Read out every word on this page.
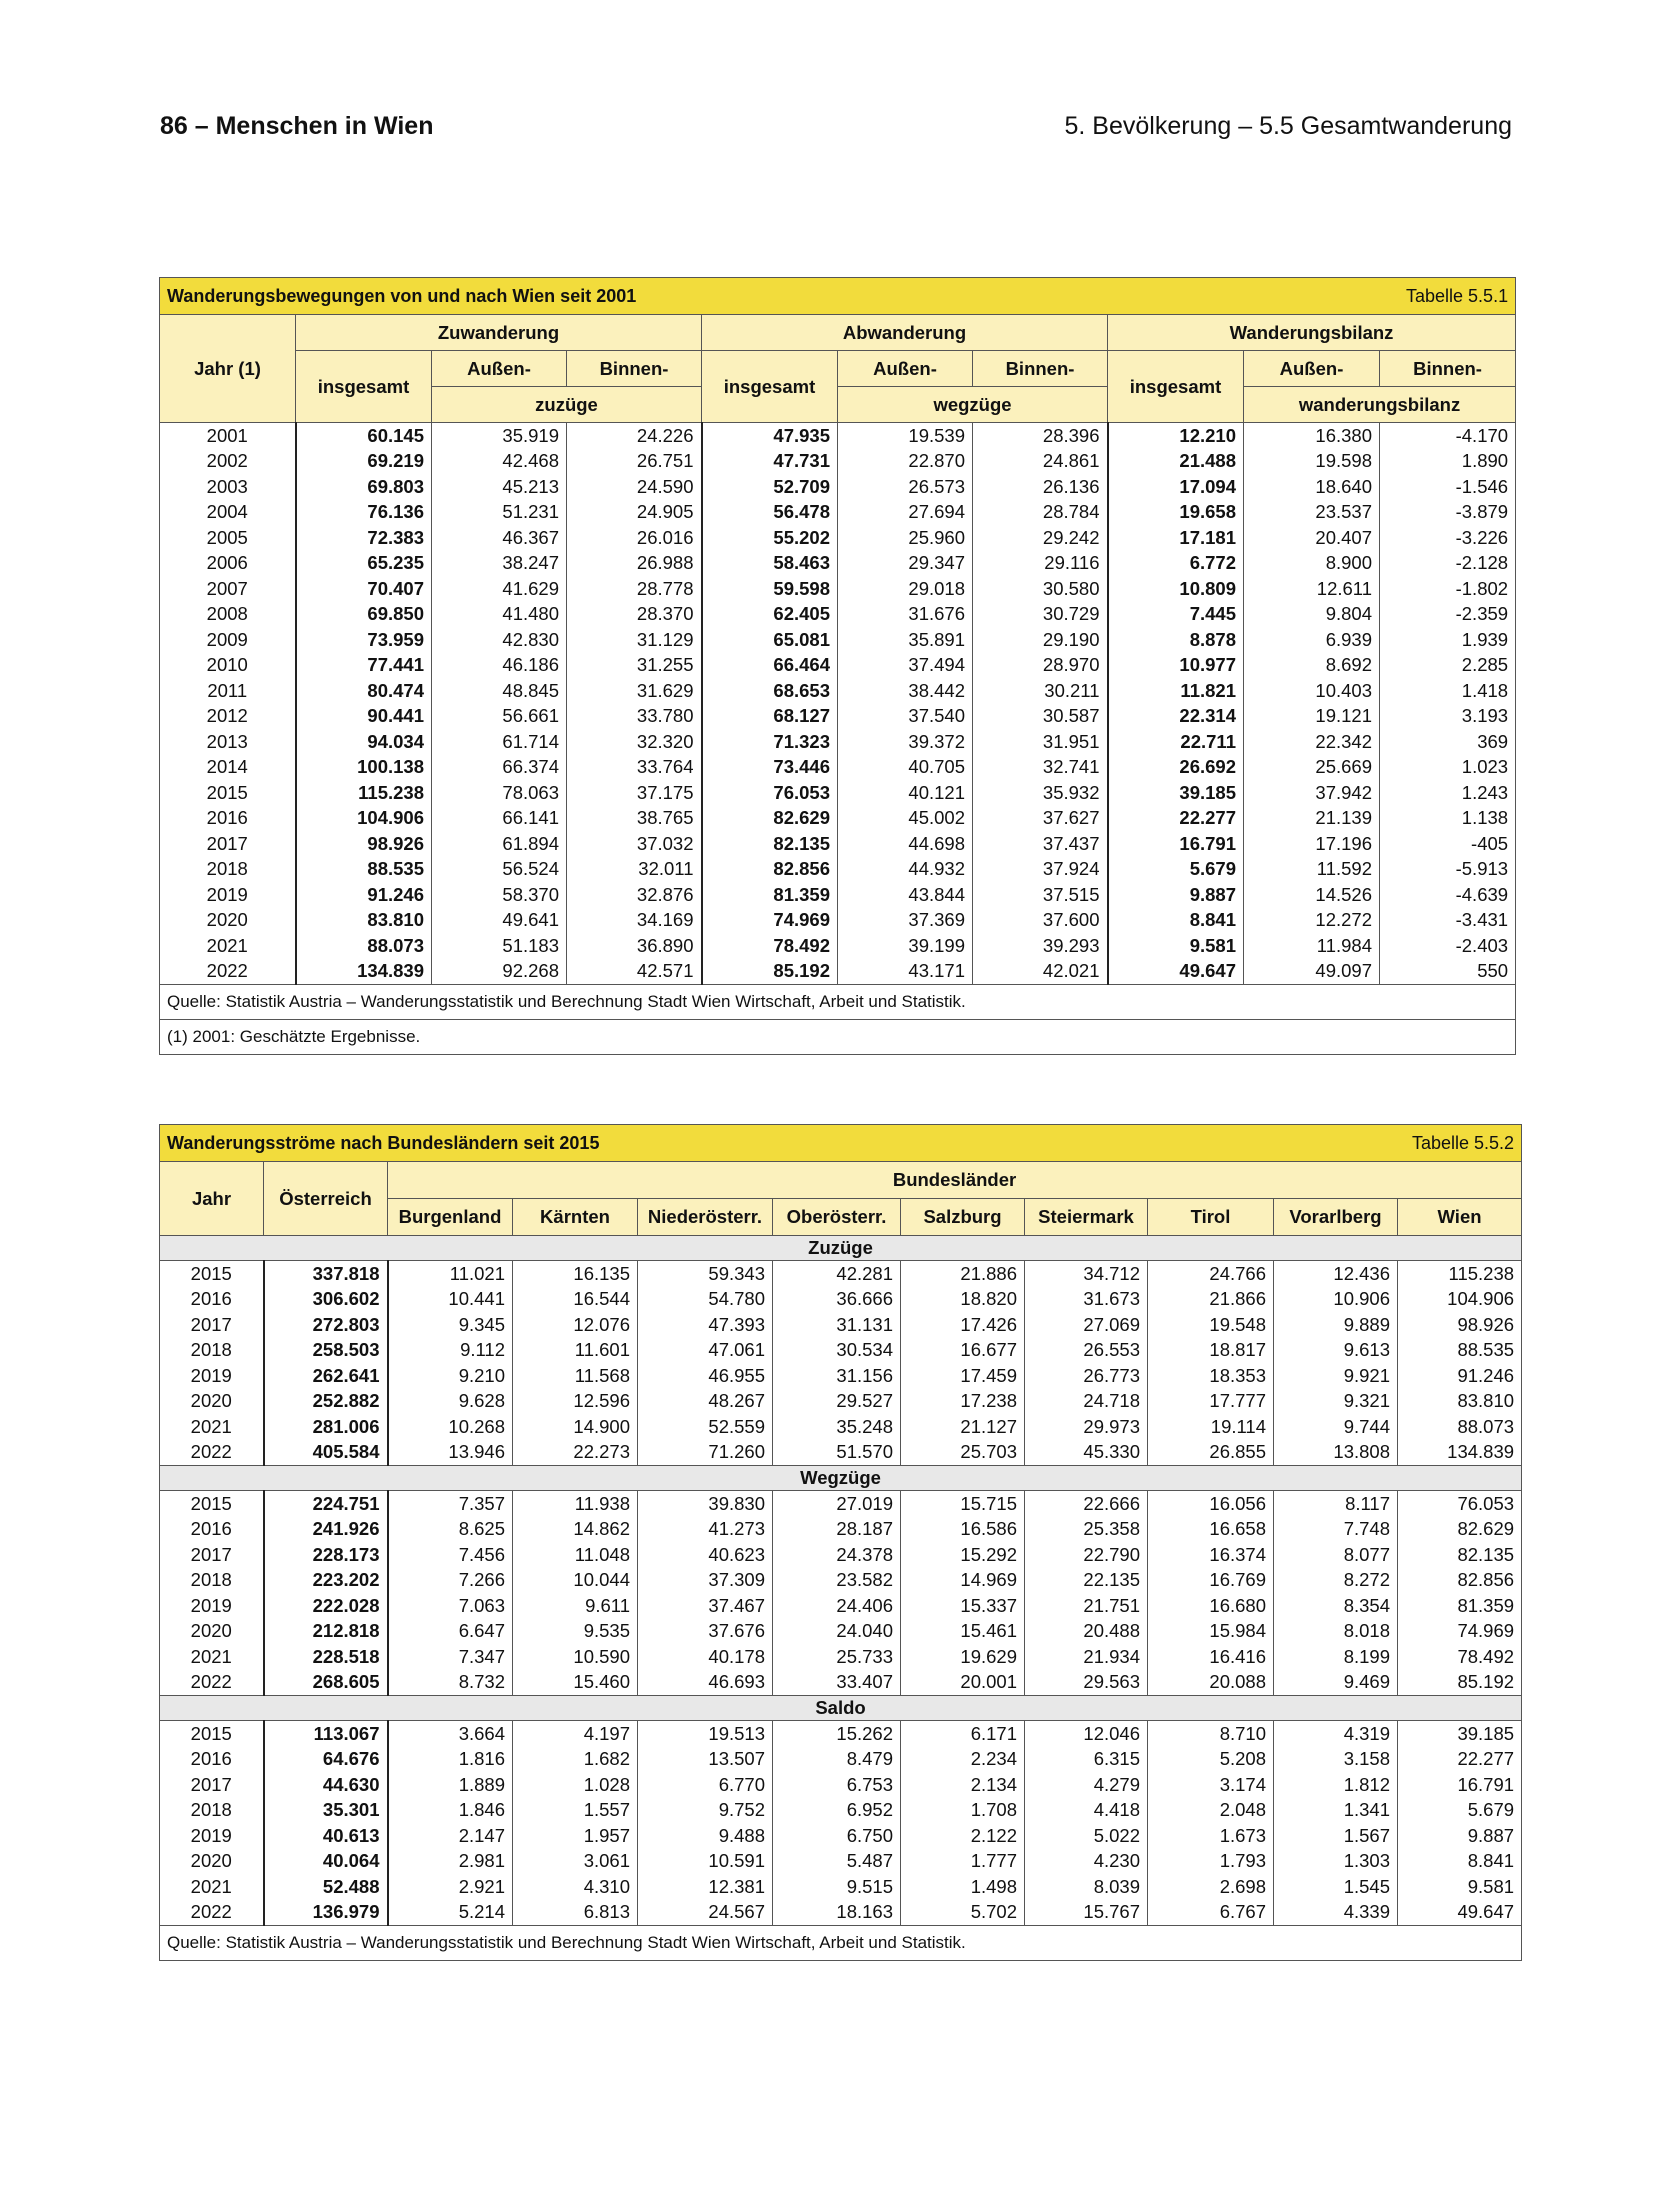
86 – Menschen in Wien	5. Bevölkerung – 5.5 Gesamtwanderung
Wanderungsbewegungen von und nach Wien seit 2001 Tabelle 5.5.1									

Jahr (1)	Zuwanderung			Abwanderung			Wanderungsbilanz		
	insgesamt	Außen-	Binnen-	insgesamt	Außen-	Binnen-	insgesamt	Außen-	Binnen-
		zuzüge			wegzüge			wanderungsbilanz	
2001	60.145	35.919	24.226	47.935	19.539	28.396	12.210	16.380	-4.170
2002	69.219	42.468	26.751	47.731	22.870	24.861	21.488	19.598	1.890
2003	69.803	45.213	24.590	52.709	26.573	26.136	17.094	18.640	-1.546
2004	76.136	51.231	24.905	56.478	27.694	28.784	19.658	23.537	-3.879
2005	72.383	46.367	26.016	55.202	25.960	29.242	17.181	20.407	-3.226
2006	65.235	38.247	26.988	58.463	29.347	29.116	6.772	8.900	-2.128
2007	70.407	41.629	28.778	59.598	29.018	30.580	10.809	12.611	-1.802
2008	69.850	41.480	28.370	62.405	31.676	30.729	7.445	9.804	-2.359
2009	73.959	42.830	31.129	65.081	35.891	29.190	8.878	6.939	1.939
2010	77.441	46.186	31.255	66.464	37.494	28.970	10.977	8.692	2.285
2011	80.474	48.845	31.629	68.653	38.442	30.211	11.821	10.403	1.418
2012	90.441	56.661	33.780	68.127	37.540	30.587	22.314	19.121	3.193
2013	94.034	61.714	32.320	71.323	39.372	31.951	22.711	22.342	369
2014	100.138	66.374	33.764	73.446	40.705	32.741	26.692	25.669	1.023
2015	115.238	78.063	37.175	76.053	40.121	35.932	39.185	37.942	1.243
2016	104.906	66.141	38.765	82.629	45.002	37.627	22.277	21.139	1.138
2017	98.926	61.894	37.032	82.135	44.698	37.437	16.791	17.196	-405
2018	88.535	56.524	32.011	82.856	44.932	37.924	5.679	11.592	-5.913
2019	91.246	58.370	32.876	81.359	43.844	37.515	9.887	14.526	-4.639
2020	83.810	49.641	34.169	74.969	37.369	37.600	8.841	12.272	-3.431
2021	88.073	51.183	36.890	78.492	39.199	39.293	9.581	11.984	-2.403
2022	134.839	92.268	42.571	85.192	43.171	42.021	49.647	49.097	550
Quelle: Statistik Austria – Wanderungsstatistik und Berechnung Stadt Wien Wirtschaft, Arbeit und Statistik.									
(1) 2001: Geschätzte Ergebnisse.									
Wanderungsströme nach Bundesländern seit 2015 Tabelle 5.5.2										

Jahr	Österreich	Bundesländer								
		Burgenland	Kärnten	Niederösterr.	Oberösterr.	Salzburg	Steiermark	Tirol	Vorarlberg	Wien
Zuzüge										
2015	337.818	11.021	16.135	59.343	42.281	21.886	34.712	24.766	12.436	115.238
2016	306.602	10.441	16.544	54.780	36.666	18.820	31.673	21.866	10.906	104.906
2017	272.803	9.345	12.076	47.393	31.131	17.426	27.069	19.548	9.889	98.926
2018	258.503	9.112	11.601	47.061	30.534	16.677	26.553	18.817	9.613	88.535
2019	262.641	9.210	11.568	46.955	31.156	17.459	26.773	18.353	9.921	91.246
2020	252.882	9.628	12.596	48.267	29.527	17.238	24.718	17.777	9.321	83.810
2021	281.006	10.268	14.900	52.559	35.248	21.127	29.973	19.114	9.744	88.073
2022	405.584	13.946	22.273	71.260	51.570	25.703	45.330	26.855	13.808	134.839
Wegzüge										
2015	224.751	7.357	11.938	39.830	27.019	15.715	22.666	16.056	8.117	76.053
2016	241.926	8.625	14.862	41.273	28.187	16.586	25.358	16.658	7.748	82.629
2017	228.173	7.456	11.048	40.623	24.378	15.292	22.790	16.374	8.077	82.135
2018	223.202	7.266	10.044	37.309	23.582	14.969	22.135	16.769	8.272	82.856
2019	222.028	7.063	9.611	37.467	24.406	15.337	21.751	16.680	8.354	81.359
2020	212.818	6.647	9.535	37.676	24.040	15.461	20.488	15.984	8.018	74.969
2021	228.518	7.347	10.590	40.178	25.733	19.629	21.934	16.416	8.199	78.492
2022	268.605	8.732	15.460	46.693	33.407	20.001	29.563	20.088	9.469	85.192
Saldo										
2015	113.067	3.664	4.197	19.513	15.262	6.171	12.046	8.710	4.319	39.185
2016	64.676	1.816	1.682	13.507	8.479	2.234	6.315	5.208	3.158	22.277
2017	44.630	1.889	1.028	6.770	6.753	2.134	4.279	3.174	1.812	16.791
2018	35.301	1.846	1.557	9.752	6.952	1.708	4.418	2.048	1.341	5.679
2019	40.613	2.147	1.957	9.488	6.750	2.122	5.022	1.673	1.567	9.887
2020	40.064	2.981	3.061	10.591	5.487	1.777	4.230	1.793	1.303	8.841
2021	52.488	2.921	4.310	12.381	9.515	1.498	8.039	2.698	1.545	9.581
2022	136.979	5.214	6.813	24.567	18.163	5.702	15.767	6.767	4.339	49.647
Quelle: Statistik Austria – Wanderungsstatistik und Berechnung Stadt Wien Wirtschaft, Arbeit und Statistik.										
